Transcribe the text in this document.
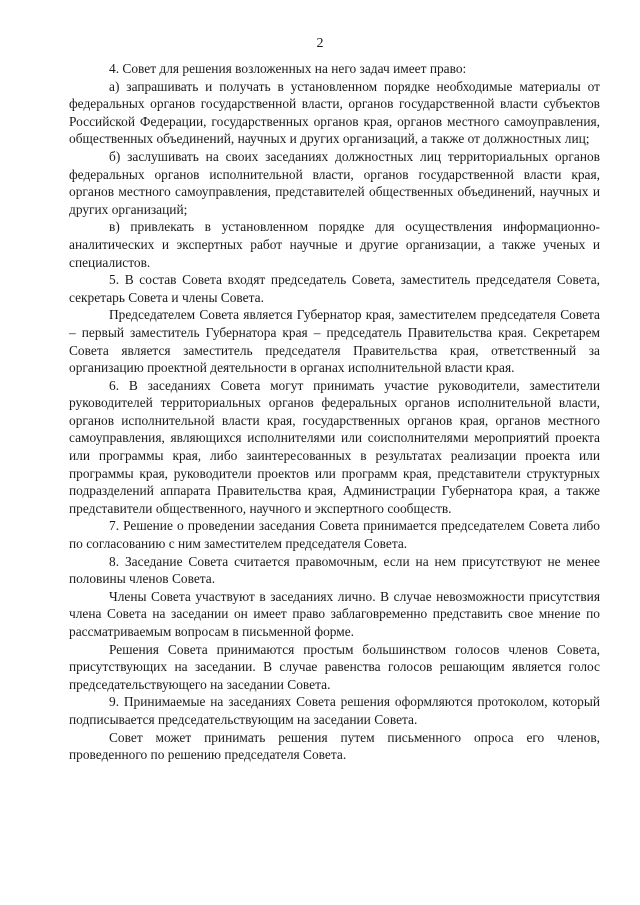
2

4. Совет для решения возложенных на него задач имеет право:

а) запрашивать и получать в установленном порядке необходимые материалы от федеральных органов государственной власти, органов государственной власти субъектов Российской Федерации, государственных органов края, органов местного самоуправления, общественных объединений, научных и других организаций, а также от должностных лиц;

б) заслушивать на своих заседаниях должностных лиц территориальных органов федеральных органов исполнительной власти, органов государственной власти края, органов местного самоуправления, представителей общественных объединений, научных и других организаций;

в) привлекать в установленном порядке для осуществления информационно-аналитических и экспертных работ научные и другие организации, а также ученых и специалистов.

5. В состав Совета входят председатель Совета, заместитель председателя Совета, секретарь Совета и члены Совета.

Председателем Совета является Губернатор края, заместителем председателя Совета – первый заместитель Губернатора края – председатель Правительства края. Секретарем Совета является заместитель председателя Правительства края, ответственный за организацию проектной деятельности в органах исполнительной власти края.

6. В заседаниях Совета могут принимать участие руководители, заместители руководителей территориальных органов федеральных органов исполнительной власти, органов исполнительной власти края, государственных органов края, органов местного самоуправления, являющихся исполнителями или соисполнителями мероприятий проекта или программы края, либо заинтересованных в результатах реализации проекта или программы края, руководители проектов или программ края, представители структурных подразделений аппарата Правительства края, Администрации Губернатора края, а также представители общественного, научного и экспертного сообществ.

7. Решение о проведении заседания Совета принимается председателем Совета либо по согласованию с ним заместителем председателя Совета.

8. Заседание Совета считается правомочным, если на нем присутствуют не менее половины членов Совета.

Члены Совета участвуют в заседаниях лично. В случае невозможности присутствия члена Совета на заседании он имеет право заблаговременно представить свое мнение по рассматриваемым вопросам в письменной форме.

Решения Совета принимаются простым большинством голосов членов Совета, присутствующих на заседании. В случае равенства голосов решающим является голос председательствующего на заседании Совета.

9. Принимаемые на заседаниях Совета решения оформляются протоколом, который подписывается председательствующим на заседании Совета.

Совет может принимать решения путем письменного опроса его членов, проведенного по решению председателя Совета.
